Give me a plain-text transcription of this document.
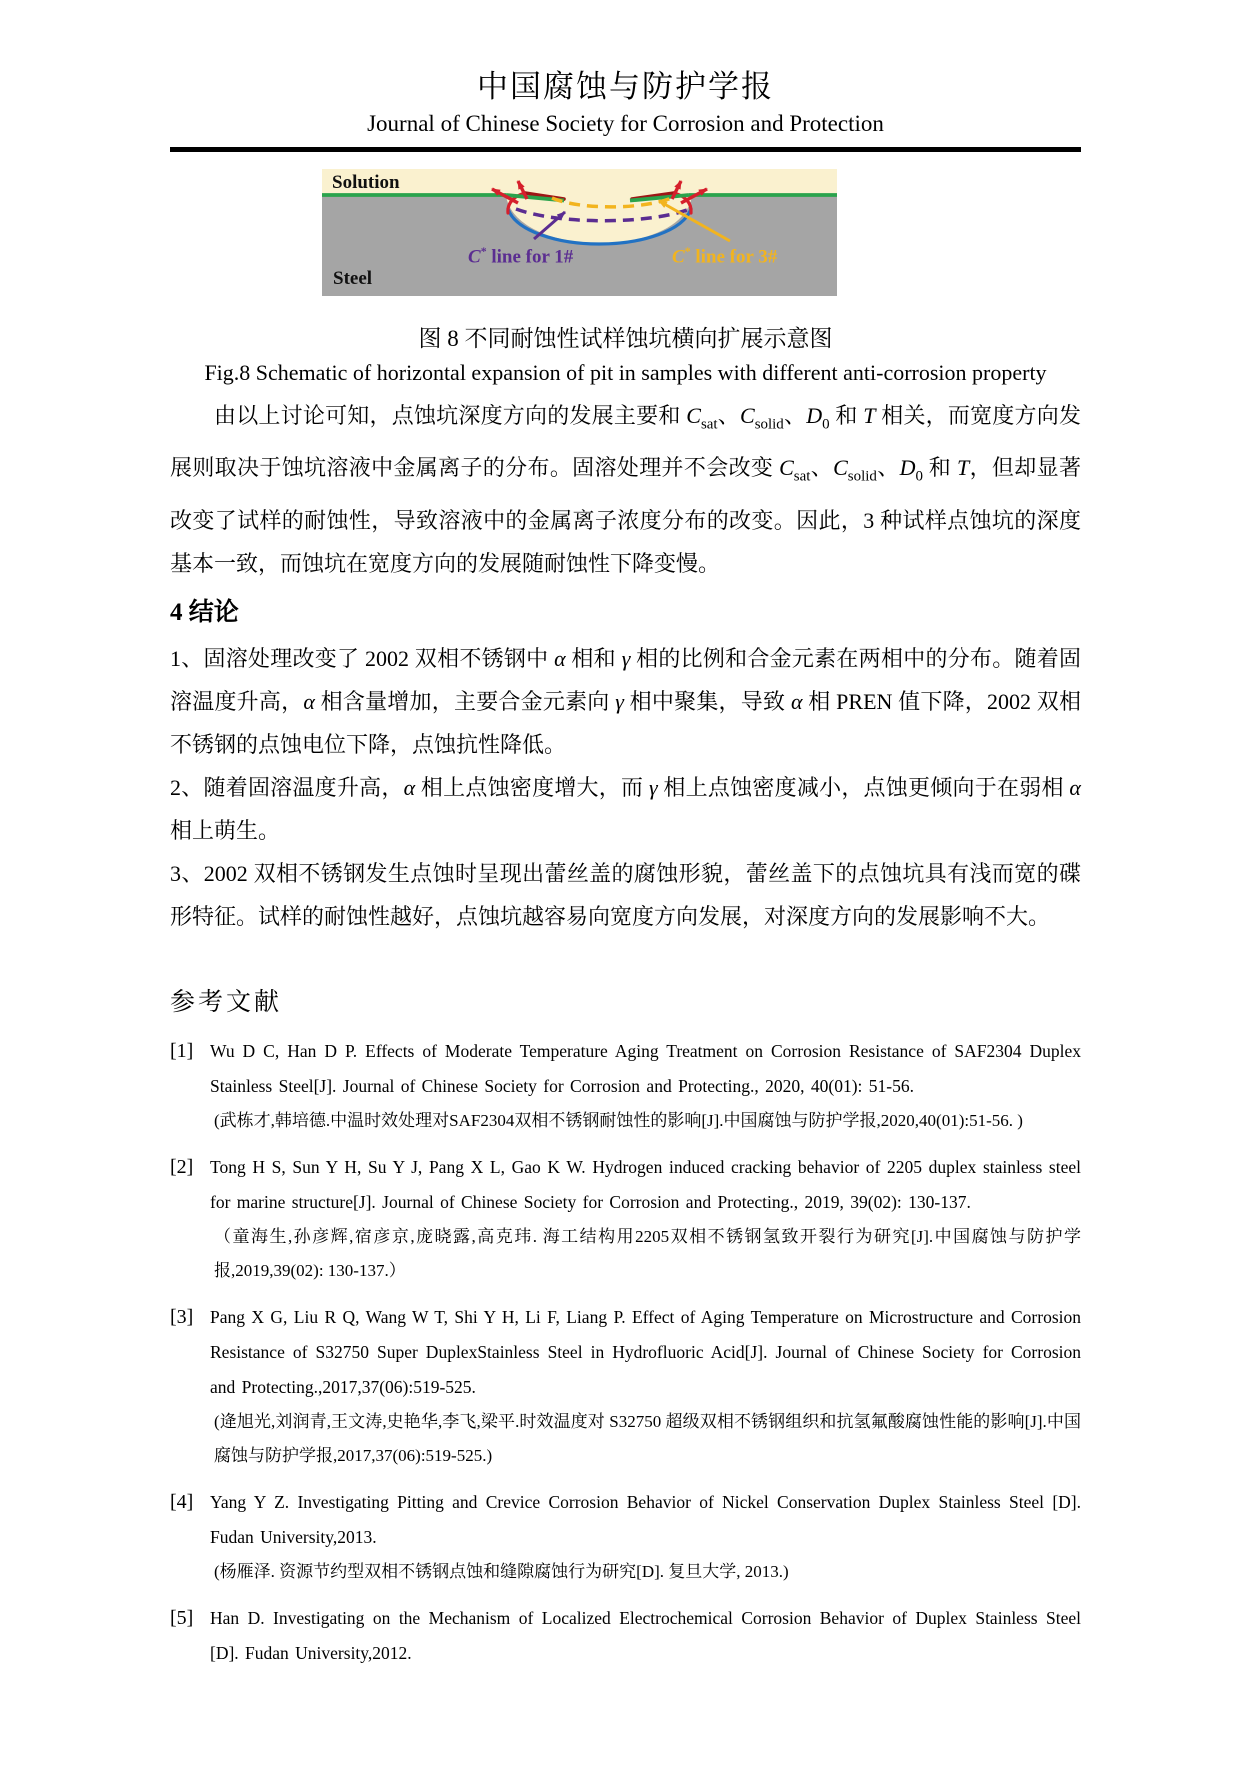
中国腐蚀与防护学报
Journal of Chinese Society for Corrosion and Protection
Solution
Steel
C* line for 1#	C* line for 3#
图 8 不同耐蚀性试样蚀坑横向扩展示意图
Fig.8 Schematic of horizontal expansion of pit in samples with different anti-corrosion property

由以上讨论可知，点蚀坑深度方向的发展主要和 $C_{sat}$、$C_{solid}$、$D_0$ 和 T 相关，而宽度方向发展则取决于蚀坑溶液中金属离子的分布。固溶处理并不会改变 $C_{sat}$、$C_{solid}$、$D_0$ 和 T，但却显著改变了试样的耐蚀性，导致溶液中的金属离子浓度分布的改变。因此，3 种试样点蚀坑的深度基本一致，而蚀坑在宽度方向的发展随耐蚀性下降变慢。

4 结论

1、固溶处理改变了 2002 双相不锈钢中 α 相和 γ 相的比例和合金元素在两相中的分布。随着固溶温度升高，α 相含量增加，主要合金元素向 γ 相中聚集，导致 α 相 PREN 值下降，2002 双相不锈钢的点蚀电位下降，点蚀抗性降低。

2、随着固溶温度升高，α 相上点蚀密度增大，而 γ 相上点蚀密度减小，点蚀更倾向于在弱相 α 相上萌生。

3、2002 双相不锈钢发生点蚀时呈现出蕾丝盖的腐蚀形貌，蕾丝盖下的点蚀坑具有浅而宽的碟形特征。试样的耐蚀性越好，点蚀坑越容易向宽度方向发展，对深度方向的发展影响不大。

参考文献
[1] Wu D C, Han D P. Effects of Moderate Temperature Aging Treatment on Corrosion Resistance of SAF2304 Duplex Stainless Steel[J]. Journal of Chinese Society for Corrosion and Protecting., 2020, 40(01): 51-56.

(武栋才,韩培德.中温时效处理对SAF2304双相不锈钢耐蚀性的影响[J].中国腐蚀与防护学报,2020,40(01):51-56. )

[2] Tong H S, Sun Y H, Su Y J, Pang X L, Gao K W. Hydrogen induced cracking behavior of 2205 duplex stainless steel for marine structure[J]. Journal of Chinese Society for Corrosion and Protecting., 2019, 39(02): 130-137.

（童海生,孙彦辉,宿彦京,庞晓露,高克玮. 海工结构用2205双相不锈钢氢致开裂行为研究[J].中国腐蚀与防护学报,2019,39(02): 130-137.）

[3] Pang X G, Liu R Q, Wang W T, Shi Y H, Li F, Liang P. Effect of Aging Temperature on Microstructure and Corrosion Resistance of S32750 Super DuplexStainless Steel in Hydrofluoric Acid[J]. Journal of Chinese Society for Corrosion and Protecting.,2017,37(06):519-525.

(逄旭光,刘润青,王文涛,史艳华,李飞,梁平.时效温度对 S32750 超级双相不锈钢组织和抗氢氟酸腐蚀性能的影响[J].中国腐蚀与防护学报,2017,37(06):519-525.)

[4] Yang Y Z. Investigating Pitting and Crevice Corrosion Behavior of Nickel Conservation Duplex Stainless Steel [D]. Fudan University,2013.

(杨雁泽. 资源节约型双相不锈钢点蚀和缝隙腐蚀行为研究[D]. 复旦大学, 2013.)

[5] Han D. Investigating on the Mechanism of Localized Electrochemical Corrosion Behavior of Duplex Stainless Steel [D]. Fudan University,2012.
